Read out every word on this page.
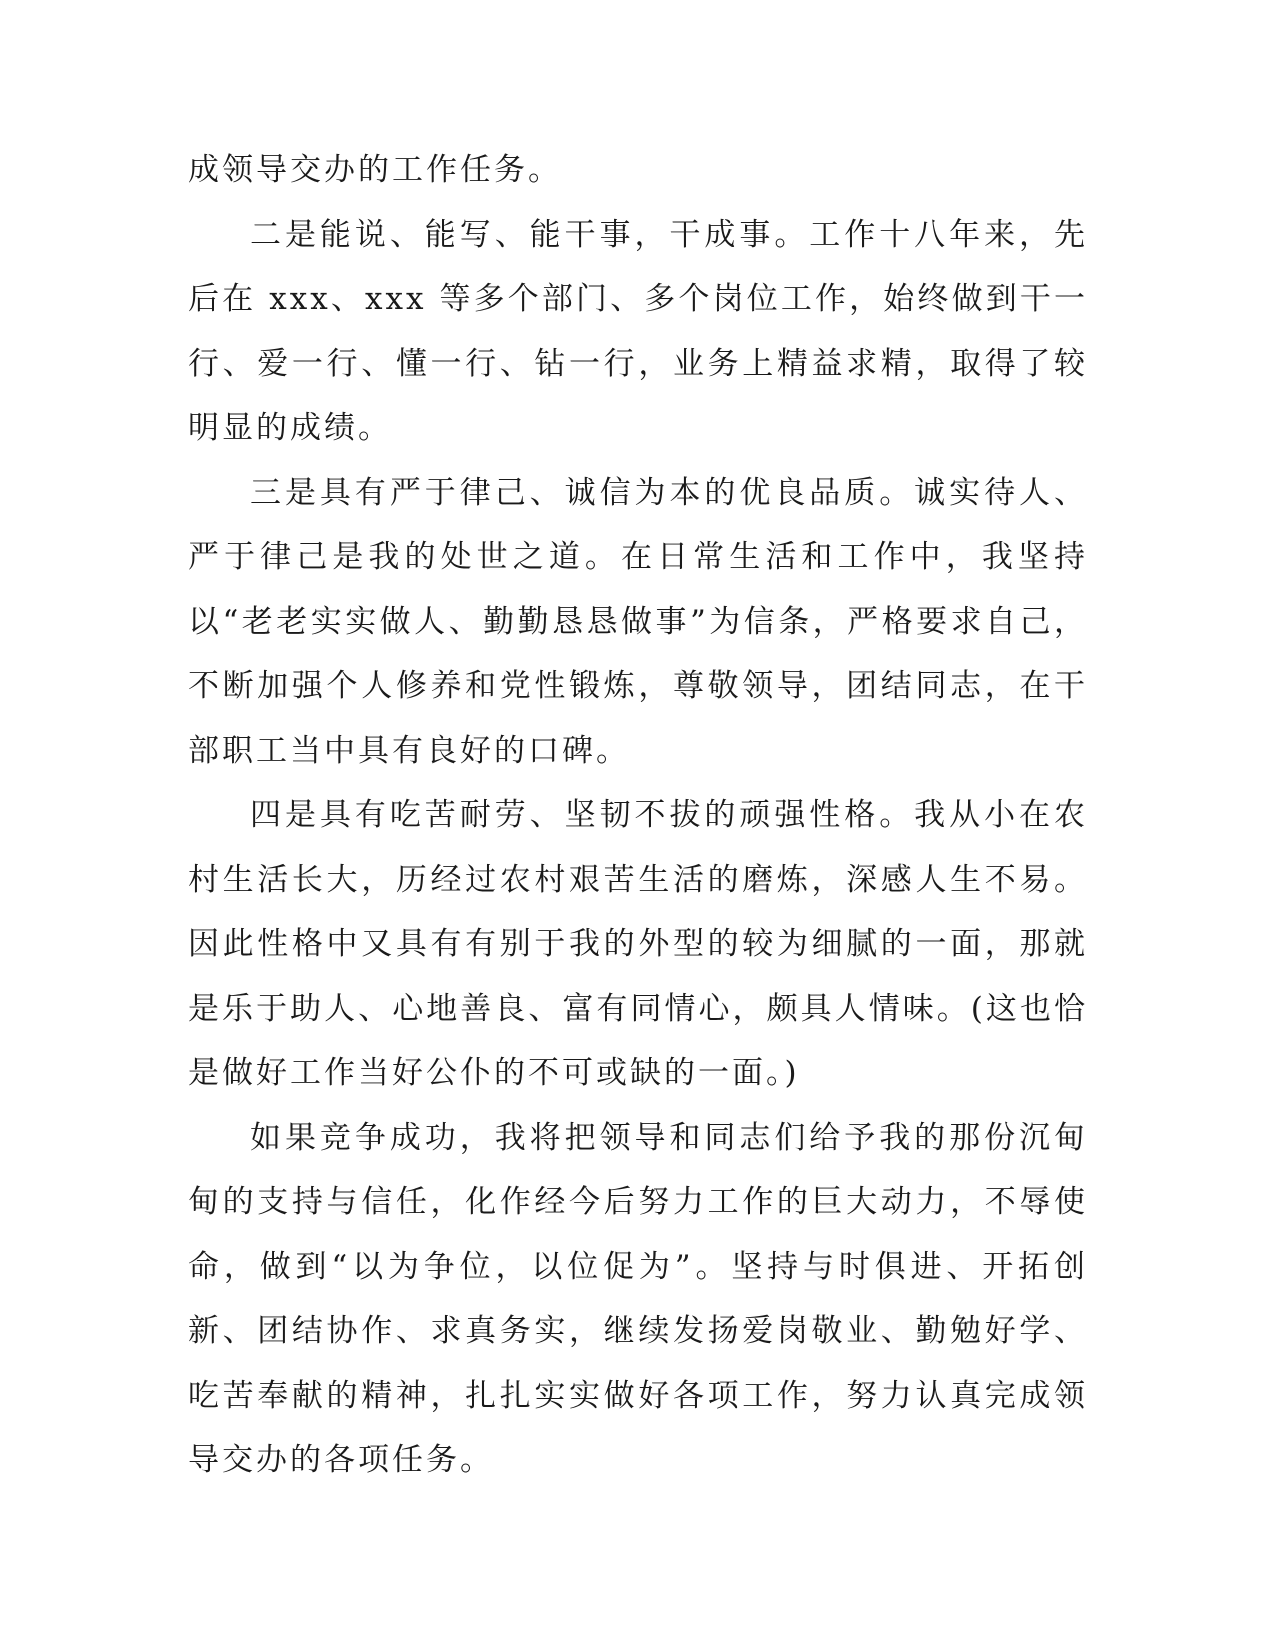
成领导交办的工作任务。

二是能说、能写、能干事，干成事。工作十八年来，先后在 xxx、xxx 等多个部门、多个岗位工作，始终做到干一行、爱一行、懂一行、钻一行，业务上精益求精，取得了较明显的成绩。

三是具有严于律己、诚信为本的优良品质。诚实待人、严于律己是我的处世之道。在日常生活和工作中，我坚持以“老老实实做人、勤勤恳恳做事”为信条，严格要求自己，不断加强个人修养和党性锻炼，尊敬领导，团结同志，在干部职工当中具有良好的口碑。

四是具有吃苦耐劳、坚韧不拔的顽强性格。我从小在农村生活长大，历经过农村艰苦生活的磨炼，深感人生不易。因此性格中又具有有别于我的外型的较为细腻的一面，那就是乐于助人、心地善良、富有同情心，颇具人情味。(这也恰是做好工作当好公仆的不可或缺的一面。)

如果竞争成功，我将把领导和同志们给予我的那份沉甸甸的支持与信任，化作经今后努力工作的巨大动力，不辱使命，做到“以为争位，以位促为”。坚持与时俱进、开拓创新、团结协作、求真务实，继续发扬爱岗敬业、勤勉好学、吃苦奉献的精神，扎扎实实做好各项工作，努力认真完成领导交办的各项任务。
